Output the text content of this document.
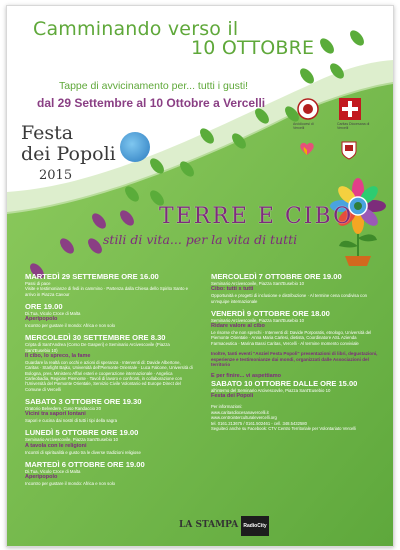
Camminando verso il
10 OTTOBRE
Tappe di avvicinamento per... tutti i gusti!
dal 29 Settembre al 10 Ottobre a Vercelli
Festa
dei Popoli
2015
Arcidiocesi di Vercelli
Caritas Diocesana di Vercelli
TERRE E CIBO
stili di vita... per la vita di tutti
MARTEDÌ 29 SETTEMBRE ORE 16.00
Passi di pace
Visite e testimonianze di fedi in cammino · Partenza dalla Chiesa dello Spirito Santo e arrivo in Piazza Cavour
ORE 19.00
Di.Tua, Vicolo Croce di Malta
Aperipopolo
Incontro per gustare il mondo: Africa e non solo
MERCOLEDÌ 30 SETTEMBRE ORE 8.30
Cripta di Sant'Andrea (Corso De Gasperi) e Seminario Arcivescovile (Piazza Sant'Eusebio 10)
Il cibo, lo spreco, la fame
Guardare la realtà con occhi e azioni di speranza · Interventi di: Davide Albertone, Caritas · Starlight Bajko, Università dell'Piemonte Orientale · Luca Falcone, Università di Bologna, pres. Ministero Affari esteri e cooperazione internazionale · Angelica Carleobadia, Regione Piemonte · Tavoli di lavoro e confronti, in collaborazione con l'Università del Piemonte Orientale, Servizio Civile Volontario ed Europe Direct del Comune di Vercelli
SABATO 3 OTTOBRE ORE 19.30
Oratorio Belvedere, Cuso Randaccio 20
Vicini tra sapori lontani
Sapori e cucina dai nostri di tutti i tipi della sagra
LUNEDÌ 5 OTTOBRE ORE 19.00
Seminario Arcivescovile, Piazza Sant'Eusebio 10
A tavola con le religioni
Incontri di spiritualità e gusto tra le diverse tradizioni religiose
MARTEDÌ 6 OTTOBRE ORE 19.00
Di.Tua, Vicolo Croce di Malta
Aperipopolo
Incontro per gustare il mondo: Africa e non solo
MERCOLEDÌ 7 OTTOBRE ORE 19.00
Seminario Arcivescovile, Piazza Sant'Eusebio 10
Cibo: tutti x tutti
Opportunità e progetti di inclusione e distribuzione · Al termine cena condivisa con un'equipe internazionale
VENERDÌ 9 OTTOBRE ORE 18.00
Seminario Arcivescovile, Piazza Sant'Eusebio 10
Ridare valore al cibo
Le risorse che non sprechi · Interventi di: Davide Porporatis, etnologo, Università del Piemonte Orientale · Anna Maria Carlesi, dietista, Coordinatore ASL Azienda Farmaceutica · Marina Bassi Caritas, Vercelli · Al termine momento conviviale
Inoltre, tanti eventi "Anziel Festa Popoli" presentazioni di libri, degustazioni, esperienze e testimonianze dai mondi, organizzati dalle Associazioni del territorio
E per finire... vi aspettiamo
SABATO 10 OTTOBRE DALLE ORE 15.00
all'interno del Seminario Arcivescovile, Piazza Sant'Eusebio 10
Festa dei Popoli
Per informazioni:
www.caritasdiocesanavercelli.it
www.centrointerculturalevercelli.org
tel. 0161.213675 / 0161.502461 - cell. 348.5432580
Seguiteci anche su Facebook: CTV Centro Territoriale per Volontariato Vercelli
LA STAMPA	RadioCity
